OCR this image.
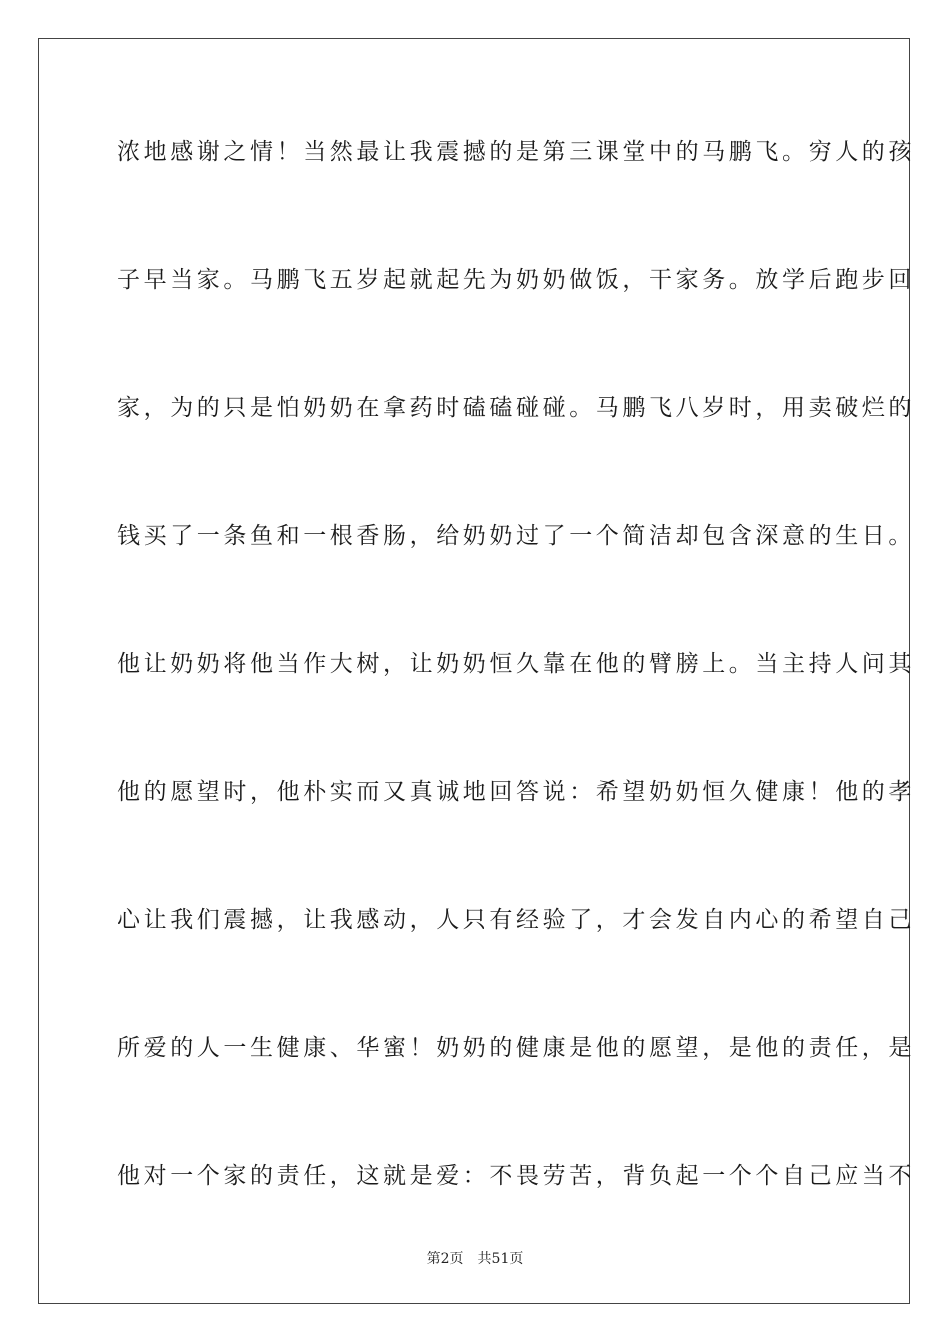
浓地感谢之情！当然最让我震撼的是第三课堂中的马鹏飞。穷人的孩
子早当家。马鹏飞五岁起就起先为奶奶做饭，干家务。放学后跑步回
家，为的只是怕奶奶在拿药时磕磕碰碰。马鹏飞八岁时，用卖破烂的
钱买了一条鱼和一根香肠，给奶奶过了一个简洁却包含深意的生日。
他让奶奶将他当作大树，让奶奶恒久靠在他的臂膀上。当主持人问其
他的愿望时，他朴实而又真诚地回答说：希望奶奶恒久健康！他的孝
心让我们震撼，让我感动，人只有经验了，才会发自内心的希望自己
所爱的人一生健康、华蜜！奶奶的健康是他的愿望，是他的责任，是
他对一个家的责任，这就是爱：不畏劳苦，背负起一个个自己应当不
第2页 共51页
